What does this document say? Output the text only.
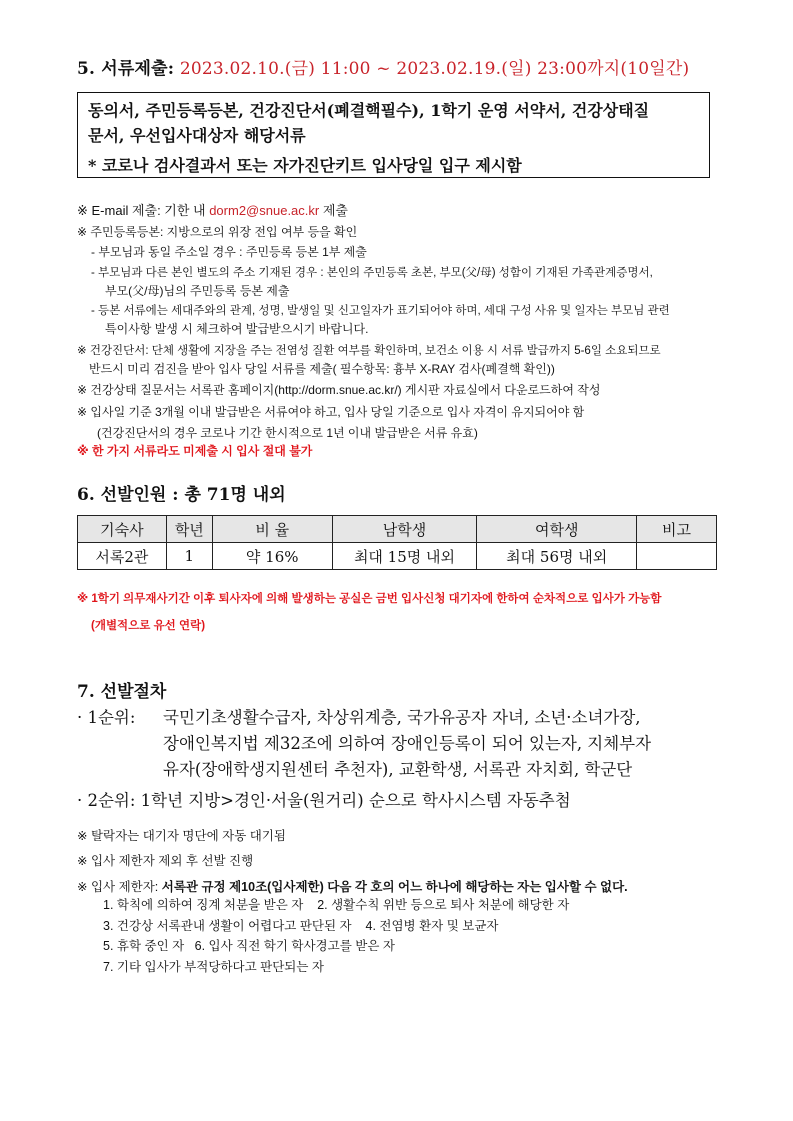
5. 서류제출: 2023.02.10.(금) 11:00 ~ 2023.02.19.(일) 23:00까지(10일간)
동의서, 주민등록등본, 건강진단서(폐결핵필수), 1학기 운영 서약서, 건강상태질
문서, 우선입사대상자 해당서류
* 코로나 검사결과서 또는 자가진단키트 입사당일 입구 제시함
※ E-mail 제출: 기한 내 dorm2@snue.ac.kr 제출
※ 주민등록등본: 지방으로의 위장 전입 여부 등을 확인
- 부모님과 동일 주소일 경우 : 주민등록 등본 1부 제출
- 부모님과 다른 본인 별도의 주소 기재된 경우 : 본인의 주민등록 초본, 부모(父/母) 성함이 기재된 가족관계증명서,
부모(父/母)님의 주민등록 등본 제출
- 등본 서류에는 세대주와의 관계, 성명, 발생일 및 신고일자가 표기되어야 하며, 세대 구성 사유 및 일자는 부모님 관련
특이사항 발생 시 체크하여 발급받으시기 바랍니다.
※ 건강진단서: 단체 생활에 지장을 주는 전염성 질환 여부를 확인하며, 보건소 이용 시 서류 발급까지 5-6일 소요되므로
반드시 미리 검진을 받아 입사 당일 서류를 제출( 필수항목: 흉부 X-RAY 검사(폐결핵 확인))
※ 건강상태 질문서는 서록관 홈페이지(http://dorm.snue.ac.kr/) 게시판 자료실에서 다운로드하여 작성
※ 입사일 기준 3개월 이내 발급받은 서류여야 하고, 입사 당일 기준으로 입사 자격이 유지되어야 함
(건강진단서의 경우 코로나 기간 한시적으로 1년 이내 발급받은 서류 유효)
※ 한 가지 서류라도 미제출 시 입사 절대 불가
6. 선발인원 : 총 71명 내외
기숙사	학년	비 율	남학생	여학생	비고
서록2관	1	약 16%	최대 15명 내외	최대 56명 내외	
※ 1학기 의무재사기간 이후 퇴사자에 의해 발생하는 공실은 금번 입사신청 대기자에 한하여 순차적으로 입사가 가능함
(개별적으로 유선 연락)
7. 선발절차
· 1순위: 국민기초생활수급자, 차상위계층, 국가유공자 자녀, 소년·소녀가장,
장애인복지법 제32조에 의하여 장애인등록이 되어 있는자, 지체부자
유자(장애학생지원센터 추천자), 교환학생, 서록관 자치회, 학군단
· 2순위: 1학년 지방>경인·서울(원거리) 순으로 학사시스템 자동추첨
※ 탈락자는 대기자 명단에 자동 대기됨
※ 입사 제한자 제외 후 선발 진행
※ 입사 제한자: 서록관 규정 제10조(입사제한) 다음 각 호의 어느 하나에 해당하는 자는 입사할 수 없다.
1. 학칙에 의하여 징계 처분을 받은 자    2. 생활수칙 위반 등으로 퇴사 처분에 해당한 자
3. 건강상 서록관내 생활이 어렵다고 판단된 자    4. 전염병 환자 및 보균자
5. 휴학 중인 자   6. 입사 직전 학기 학사경고를 받은 자
7. 기타 입사가 부적당하다고 판단되는 자
